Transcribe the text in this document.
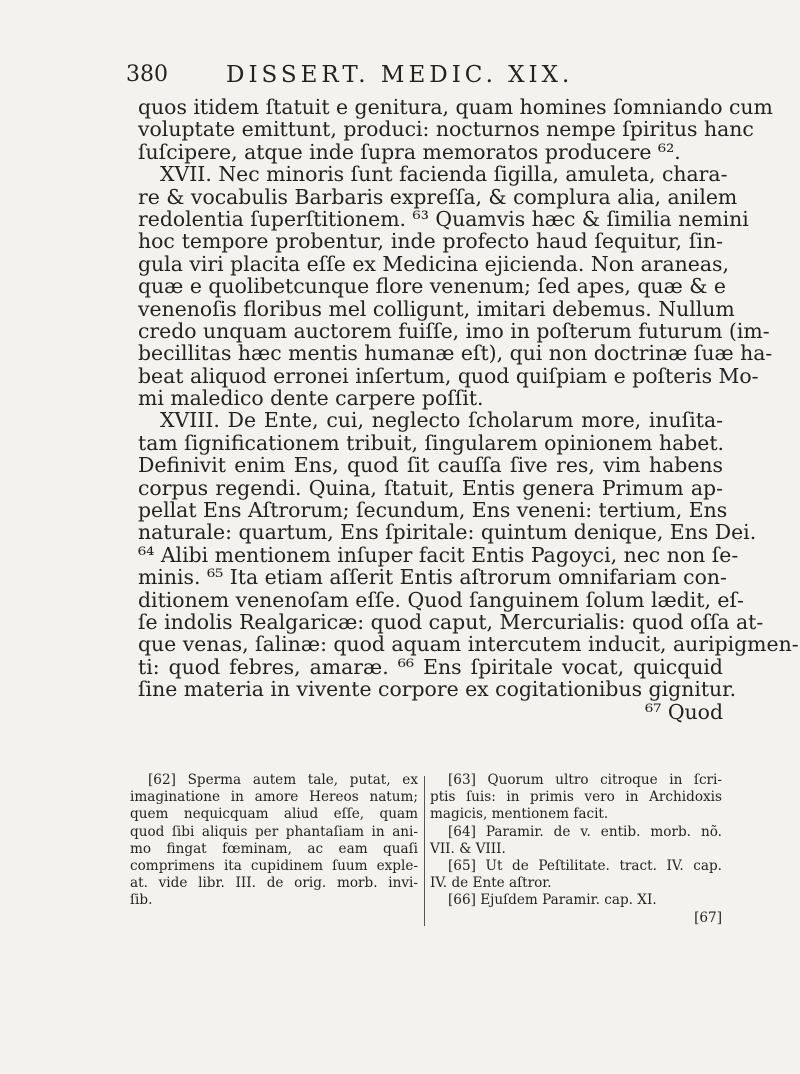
380	DISSERT. MEDIC. XIX.
quos itidem ſtatuit e genitura, quam homines ſomniando cum
voluptate emittunt, produci: nocturnos nempe ſpiritus hanc
ſuſcipere, atque inde ſupra memoratos producere ⁶².
XVII. Nec minoris ſunt facienda ſigilla, amuleta, chara-
re & vocabulis Barbaris expreſſa, & complura alia, anilem
redolentia ſuperſtitionem. ⁶³ Quamvis hæc & ſimilia nemini
hoc tempore probentur, inde profecto haud ſequitur, ſin-
gula viri placita eſſe ex Medicina ejicienda. Non araneas,
quæ e quolibetcunque flore venenum; ſed apes, quæ & e
venenoſis floribus mel colligunt, imitari debemus. Nullum
credo unquam auctorem fuiſſe, imo in poſterum futurum (im-
becillitas hæc mentis humanæ eſt), qui non doctrinæ ſuæ ha-
beat aliquod erronei inſertum, quod quiſpiam e poſteris Mo-
mi maledico dente carpere poſſit.
XVIII. De Ente, cui, neglecto ſcholarum more, inuſita-
tam ſignificationem tribuit, ſingularem opinionem habet.
Definivit enim Ens, quod ſit cauſſa ſive res, vim habens
corpus regendi. Quina, ſtatuit, Entis genera Primum ap-
pellat Ens Aſtrorum; ſecundum, Ens veneni: tertium, Ens
naturale: quartum, Ens ſpiritale: quintum denique, Ens Dei.
⁶⁴ Alibi mentionem inſuper facit Entis Pagoyci, nec non ſe-
minis. ⁶⁵ Ita etiam aſſerit Entis aſtrorum omnifariam con-
ditionem venenoſam eſſe. Quod ſanguinem ſolum lædit, eſ-
ſe indolis Realgaricæ: quod caput, Mercurialis: quod oſſa at-
que venas, ſalinæ: quod aquam intercutem inducit, auripigmen-
ti: quod febres, amaræ. ⁶⁶ Ens ſpiritale vocat, quicquid
ſine materia in vivente corpore ex cogitationibus gignitur.
⁶⁷ Quod
[62] Sperma autem tale, putat, ex
imaginatione in amore Hereos natum;
quem nequicquam aliud eſſe, quam
quod ſibi aliquis per phantaſiam in ani-
mo fingat fœminam, ac eam quaſi
comprimens ita cupidinem ſuum exple-
at. vide libr. III. de orig. morb. invi-
ſib.
[63] Quorum ultro citroque in ſcri-
ptis ſuis: in primis vero in Archidoxis
magicis, mentionem facit.
[64] Paramir. de v. entib. morb. nõ.
VII. & VIII.
[65] Ut de Peſtilitate. tract. IV. cap.
IV. de Ente aſtror.
[66] Ejuſdem Paramir. cap. XI.
[67]
